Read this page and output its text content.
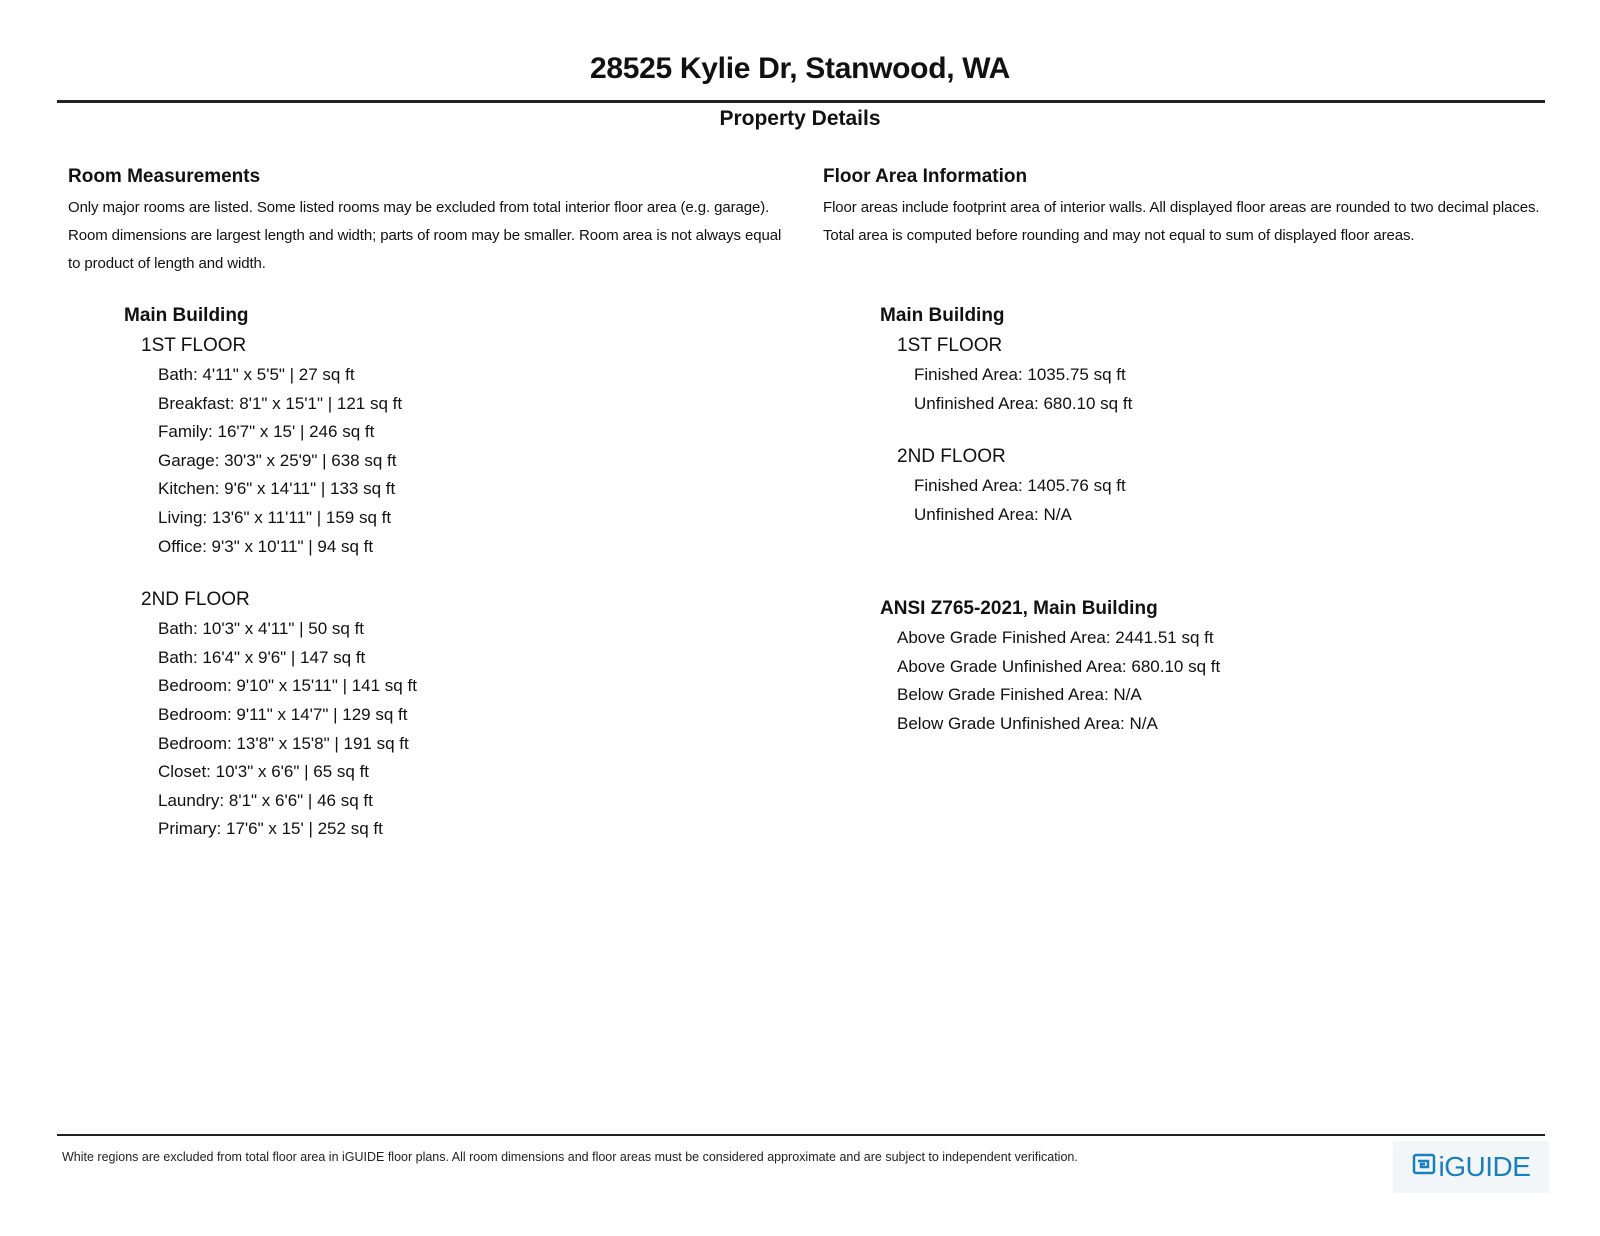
28525 Kylie Dr, Stanwood, WA
Property Details
Room Measurements

Only major rooms are listed. Some listed rooms may be excluded from total interior floor area (e.g. garage). Room dimensions are largest length and width; parts of room may be smaller. Room area is not always equal to product of length and width.

Main Building
1ST FLOOR
Bath: 4'11" x 5'5" | 27 sq ft
Breakfast: 8'1" x 15'1" | 121 sq ft
Family: 16'7" x 15' | 246 sq ft
Garage: 30'3" x 25'9" | 638 sq ft
Kitchen: 9'6" x 14'11" | 133 sq ft
Living: 13'6" x 11'11" | 159 sq ft
Office: 9'3" x 10'11" | 94 sq ft
2ND FLOOR
Bath: 10'3" x 4'11" | 50 sq ft
Bath: 16'4" x 9'6" | 147 sq ft
Bedroom: 9'10" x 15'11" | 141 sq ft
Bedroom: 9'11" x 14'7" | 129 sq ft
Bedroom: 13'8" x 15'8" | 191 sq ft
Closet: 10'3" x 6'6" | 65 sq ft
Laundry: 8'1" x 6'6" | 46 sq ft
Primary: 17'6" x 15' | 252 sq ft
Floor Area Information

Floor areas include footprint area of interior walls. All displayed floor areas are rounded to two decimal places. Total area is computed before rounding and may not equal to sum of displayed floor areas.

Main Building
1ST FLOOR
Finished Area: 1035.75 sq ft
Unfinished Area: 680.10 sq ft
2ND FLOOR
Finished Area: 1405.76 sq ft
Unfinished Area: N/A
ANSI Z765-2021, Main Building
Above Grade Finished Area: 2441.51 sq ft
Above Grade Unfinished Area: 680.10 sq ft
Below Grade Finished Area: N/A
Below Grade Unfinished Area: N/A
White regions are excluded from total floor area in iGUIDE floor plans. All room dimensions and floor areas must be considered approximate and are subject to independent verification.	iGUIDE
